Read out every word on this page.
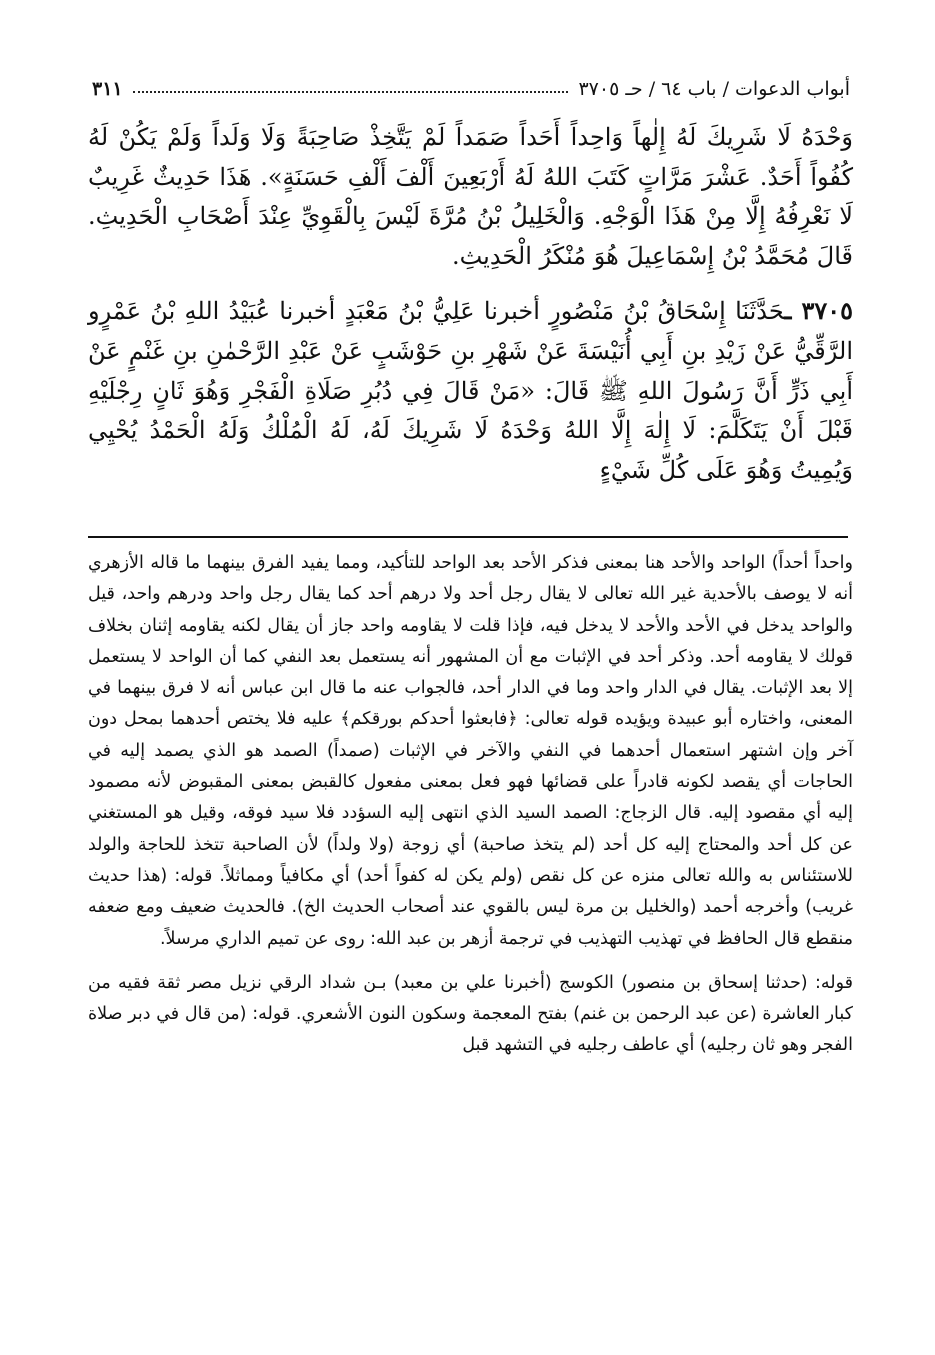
أبواب الدعوات / باب ٦٤ / حـ ٣٧٠٥
٣١١

وَحْدَهُ لَا شَرِيكَ لَهُ إِلٰهاً وَاحِداً أَحَداً صَمَداً لَمْ يَتَّخِذْ صَاحِبَةً وَلَا وَلَداً وَلَمْ يَكُنْ لَهُ كُفُواً أَحَدٌ. عَشْرَ مَرَّاتٍ كَتَبَ اللهُ لَهُ أَرْبَعِينَ أَلْفَ أَلْفِ حَسَنَةٍ». هَذَا حَدِيثٌ غَرِيبٌ لَا نَعْرِفُهُ إِلَّا مِنْ هَذَا الْوَجْهِ. وَالْخَلِيلُ بْنُ مُرَّةَ لَيْسَ بِالْقَوِيِّ عِنْدَ أَصْحَابِ الْحَدِيثِ. قَالَ مُحَمَّدُ بْنُ إِسْمَاعِيلَ هُوَ مُنْكَرُ الْحَدِيثِ.

٣٧٠٥ ـحَدَّثَنَا إِسْحَاقُ بْنُ مَنْصُورٍ أخبرنا عَلِيُّ بْنُ مَعْبَدٍ أخبرنا عُبَيْدُ اللهِ بْنُ عَمْرٍو الرَّقِّيُّ عَنْ زَيْدِ بنِ أَبِي أُنَيْسَةَ عَنْ شَهْرِ بنِ حَوْشَبٍ عَنْ عَبْدِ الرَّحْمٰنِ بنِ غَنْمٍ عَنْ أَبِي ذَرٍّ أَنَّ رَسُولَ اللهِ ﷺ قَالَ: «مَنْ قَالَ فِي دُبُرِ صَلَاةِ الْفَجْرِ وَهُوَ ثَانٍ رِجْلَيْهِ قَبْلَ أَنْ يَتَكَلَّمَ: لَا إِلٰهَ إِلَّا اللهُ وَحْدَهُ لَا شَرِيكَ لَهُ، لَهُ الْمُلْكُ وَلَهُ الْحَمْدُ يُحْيِي وَيُمِيتُ وَهُوَ عَلَى كُلِّ شَيْءٍ

واحداً أحداً) الواحد والأحد هنا بمعنى فذكر الأحد بعد الواحد للتأكيد، ومما يفيد الفرق بينهما ما قاله الأزهري أنه لا يوصف بالأحدية غير الله تعالى لا يقال رجل أحد ولا درهم أحد كما يقال رجل واحد ودرهم واحد، قيل والواحد يدخل في الأحد والأحد لا يدخل فيه، فإذا قلت لا يقاومه واحد جاز أن يقال لكنه يقاومه إثنان بخلاف قولك لا يقاومه أحد. وذكر أحد في الإثبات مع أن المشهور أنه يستعمل بعد النفي كما أن الواحد لا يستعمل إلا بعد الإثبات. يقال في الدار واحد وما في الدار أحد، فالجواب عنه ما قال ابن عباس أنه لا فرق بينهما في المعنى، واختاره أبو عبيدة ويؤيده قوله تعالى: ﴿فابعثوا أحدكم بورقكم﴾ عليه فلا يختص أحدهما بمحل دون آخر وإن اشتهر استعمال أحدهما في النفي والآخر في الإثبات (صمداً) الصمد هو الذي يصمد إليه في الحاجات أي يقصد لكونه قادراً على قضائها فهو فعل بمعنى مفعول كالقبض بمعنى المقبوض لأنه مصمود إليه أي مقصود إليه. قال الزجاج: الصمد السيد الذي انتهى إليه السؤدد فلا سيد فوقه، وقيل هو المستغني عن كل أحد والمحتاج إليه كل أحد (لم يتخذ صاحبة) أي زوجة (ولا ولداً) لأن الصاحبة تتخذ للحاجة والولد للاستئناس به والله تعالى منزه عن كل نقص (ولم يكن له كفواً أحد) أي مكافياً ومماثلاً. قوله: (هذا حديث غريب) وأخرجه أحمد (والخليل بن مرة ليس بالقوي عند أصحاب الحديث الخ). فالحديث ضعيف ومع ضعفه منقطع قال الحافظ في تهذيب التهذيب في ترجمة أزهر بن عبد الله: روى عن تميم الداري مرسلاً.

قوله: (حدثنا إسحاق بن منصور) الكوسج (أخبرنا علي بن معبد) بـن شداد الرقي نزيل مصر ثقة فقيه من كبار العاشرة (عن عبد الرحمن بن غنم) بفتح المعجمة وسكون النون الأشعري. قوله: (من قال في دبر صلاة الفجر وهو ثان رجليه) أي عاطف رجليه في التشهد قبل
